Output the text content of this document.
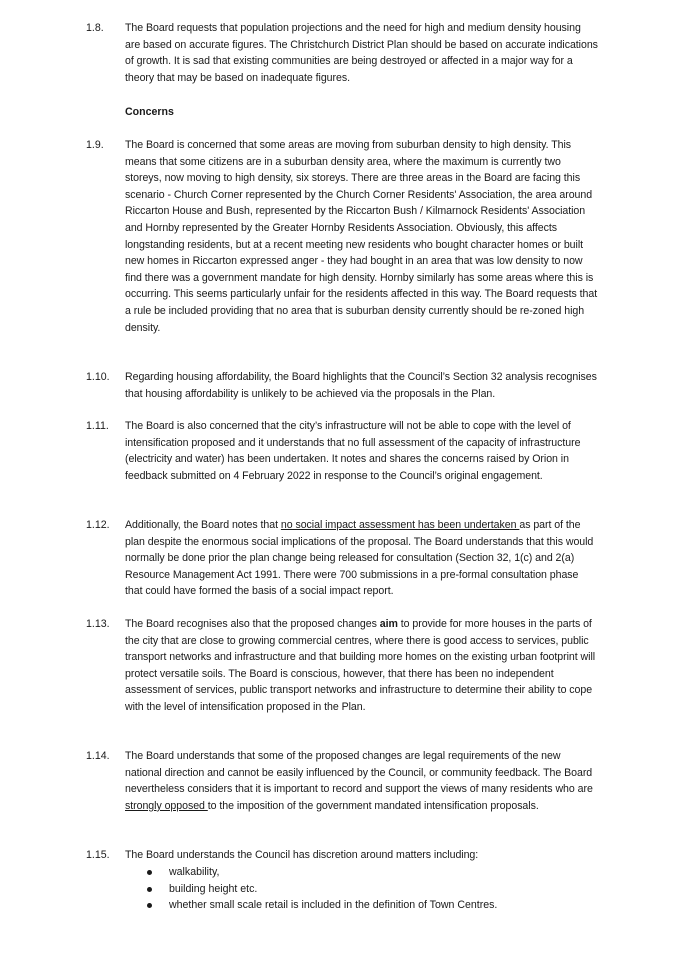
1.8. The Board requests that population projections and the need for high and medium density housing are based on accurate figures. The Christchurch District Plan should be based on accurate indications of growth. It is sad that existing communities are being destroyed or affected in a major way for a theory that may be based on inadequate figures.
Concerns
1.9. The Board is concerned that some areas are moving from suburban density to high density. This means that some citizens are in a suburban density area, where the maximum is currently two storeys, now moving to high density, six storeys. There are three areas in the Board are facing this scenario - Church Corner represented by the Church Corner Residents' Association, the area around Riccarton House and Bush, represented by the Riccarton Bush / Kilmarnock Residents' Association and Hornby represented by the Greater Hornby Residents Association. Obviously, this affects longstanding residents, but at a recent meeting new residents who bought character homes or built new homes in Riccarton expressed anger - they had bought in an area that was low density to now find there was a government mandate for high density. Hornby similarly has some areas where this is occurring. This seems particularly unfair for the residents affected in this way. The Board requests that a rule be included providing that no area that is suburban density currently should be re-zoned high density.
1.10. Regarding housing affordability, the Board highlights that the Council’s Section 32 analysis recognises that housing affordability is unlikely to be achieved via the proposals in the Plan.
1.11. The Board is also concerned that the city’s infrastructure will not be able to cope with the level of intensification proposed and it understands that no full assessment of the capacity of infrastructure (electricity and water) has been undertaken. It notes and shares the concerns raised by Orion in feedback submitted on 4 February 2022 in response to the Council’s original engagement.
1.12. Additionally, the Board notes that no social impact assessment has been undertaken as part of the plan despite the enormous social implications of the proposal. The Board understands that this would normally be done prior the plan change being released for consultation (Section 32, 1(c) and 2(a) Resource Management Act 1991. There were 700 submissions in a pre-formal consultation phase that could have formed the basis of a social impact report.
1.13. The Board recognises also that the proposed changes aim to provide for more houses in the parts of the city that are close to growing commercial centres, where there is good access to services, public transport networks and infrastructure and that building more homes on the existing urban footprint will protect versatile soils. The Board is conscious, however, that there has been no independent assessment of services, public transport networks and infrastructure to determine their ability to cope with the level of intensification proposed in the Plan.
1.14. The Board understands that some of the proposed changes are legal requirements of the new national direction and cannot be easily influenced by the Council, or community feedback. The Board nevertheless considers that it is important to record and support the views of many residents who are strongly opposed to the imposition of the government mandated intensification proposals.
1.15. The Board understands the Council has discretion around matters including:
walkability,
building height etc.
whether small scale retail is included in the definition of Town Centres.
